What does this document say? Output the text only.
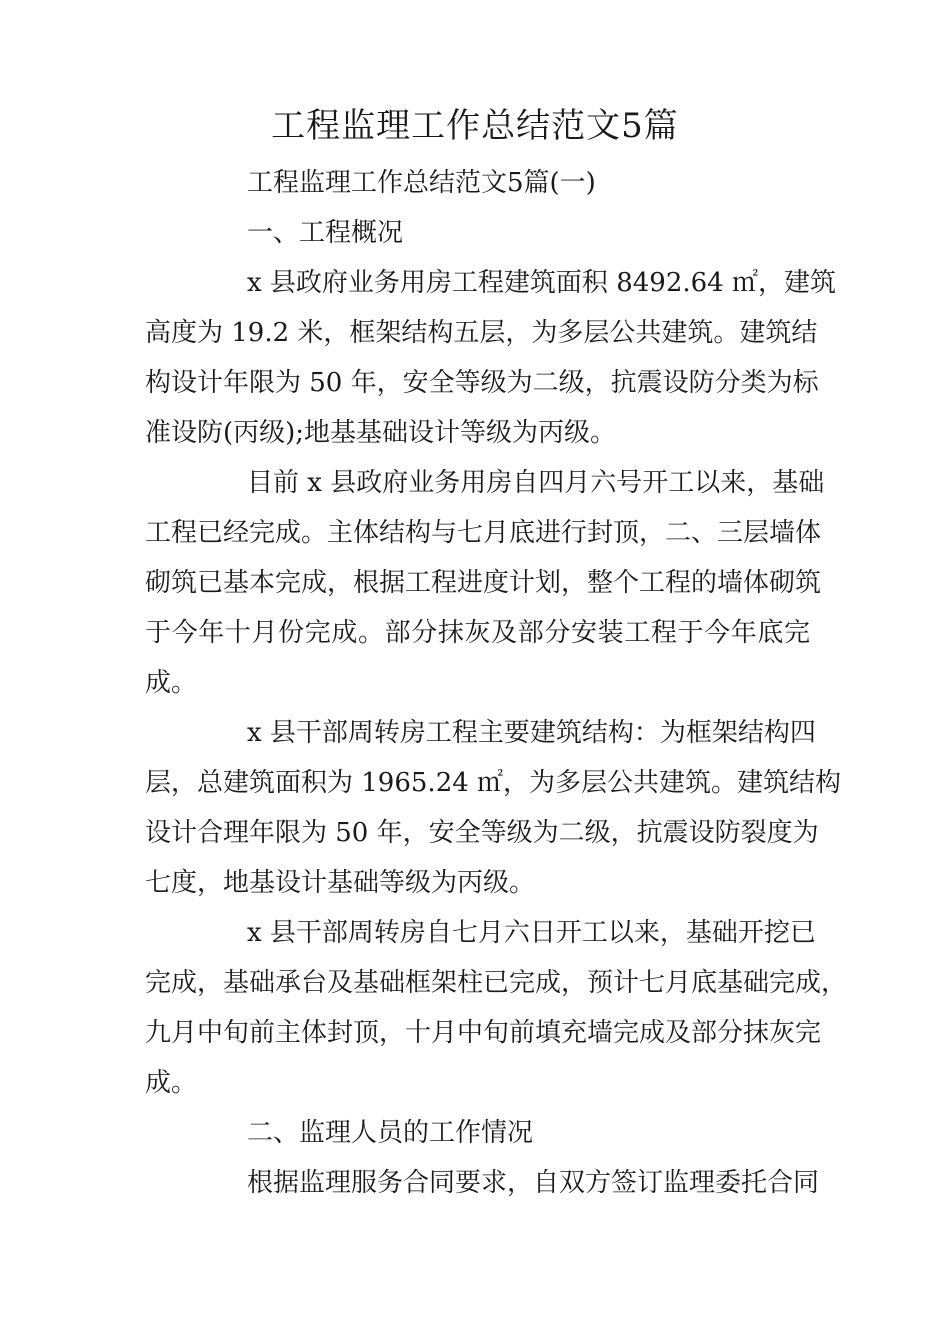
工程监理工作总结范文5篇
工程监理工作总结范文5篇(一)
一、工程概况
x 县政府业务用房工程建筑面积 8492.64 ㎡，建筑
高度为 19.2 米，框架结构五层，为多层公共建筑。建筑结
构设计年限为 50 年，安全等级为二级，抗震设防分类为标
准设防(丙级);地基基础设计等级为丙级。
目前 x 县政府业务用房自四月六号开工以来，基础
工程已经完成。主体结构与七月底进行封顶，二、三层墙体
砌筑已基本完成，根据工程进度计划，整个工程的墙体砌筑
于今年十月份完成。部分抹灰及部分安装工程于今年底完
成。
x 县干部周转房工程主要建筑结构：为框架结构四
层，总建筑面积为 1965.24 ㎡，为多层公共建筑。建筑结构
设计合理年限为 50 年，安全等级为二级，抗震设防裂度为
七度，地基设计基础等级为丙级。
x 县干部周转房自七月六日开工以来，基础开挖已
完成，基础承台及基础框架柱已完成，预计七月底基础完成，
九月中旬前主体封顶，十月中旬前填充墙完成及部分抹灰完
成。
二、监理人员的工作情况
根据监理服务合同要求，自双方签订监理委托合同
